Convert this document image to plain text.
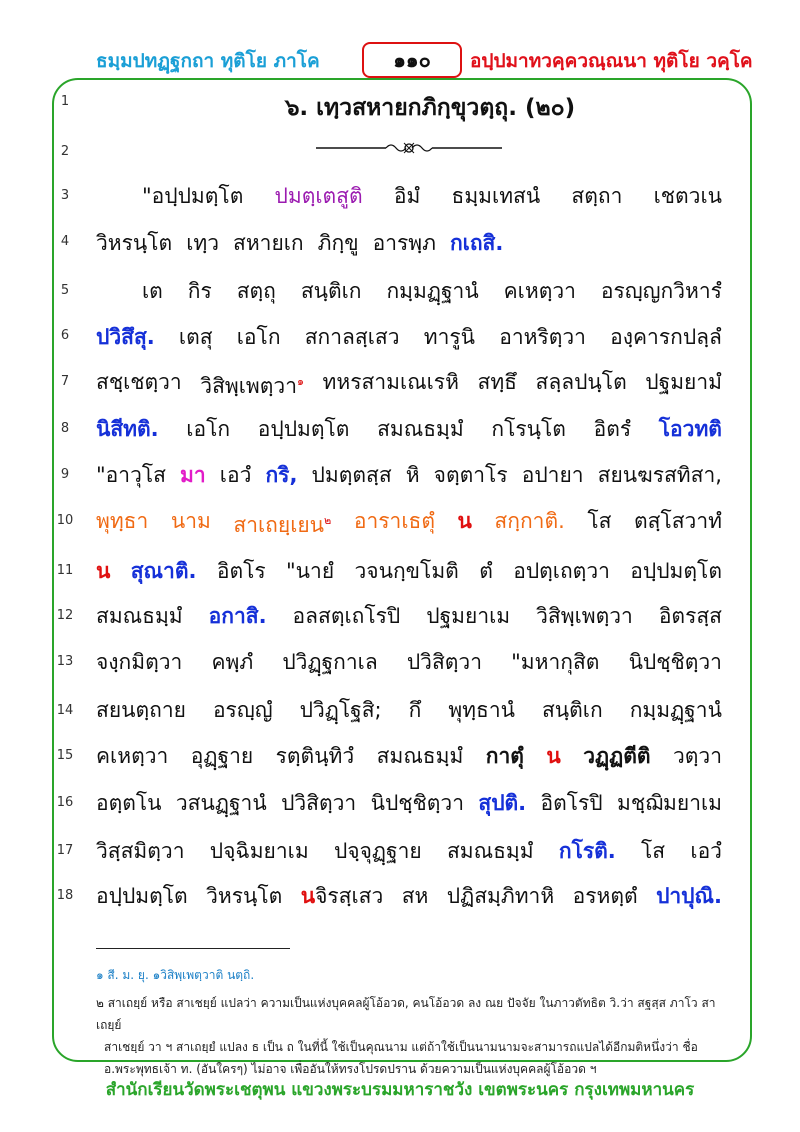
ธมฺมปทฏฺฐกถา ทุติโย ภาโค	๑๑๐	อปฺปมาทวคฺควณฺณนา ทุติโย วคฺโค
1
2
3
4
5
6
7
8
9
10
11
12
13
14
15
16
17
18
๖. เทฺวสหายกภิกฺขุวตฺถุ. (๒๐)
"อปฺปมตฺโต ปมตฺเตสูติ อิมํ ธมฺมเทสนํ สตฺถา เชตวเน
วิหรนฺโต เทฺว สหายเก ภิกฺขู อารพฺภ กเถสิ.
เต กิร สตฺถุ สนฺติเก กมฺมฏฺฐานํ คเหตฺวา อรญฺญกวิหารํ
ปวิสึสุ. เตสุ เอโก สกาลสฺเสว ทารูนิ อาหริตฺวา องฺคารกปลฺลํ
สชฺเชตฺวา วิสิพฺเพตฺวา$^๑$ ทหรสามเณเรหิ สทฺธึ สลฺลปนฺโต ปฐมยามํ
นิสีทติ. เอโก อปฺปมตฺโต สมณธมฺมํ กโรนฺโต อิตรํ โอวทติ
"อาวุโส มา เอวํ กริ, ปมตฺตสฺส หิ จตฺตาโร อปายา สยนฆรสทิสา,
พุทฺธา นาม สาเถยฺเยน$^๒$ อาราเธตุํ น สกฺกาติ. โส ตสฺโสวาทํ
น สุณาติ. อิตโร "นายํ วจนกฺขโมติ ตํ อปตฺเถตฺวา อปฺปมตฺโต
สมณธมฺมํ อกาสิ. อลสตฺเถโรปิ ปฐมยาเม วิสิพฺเพตฺวา อิตรสฺส
จงฺกมิตฺวา คพฺภํ ปวิฏฺฐกาเล ปวิสิตฺวา "มหากุสิต นิปชฺชิตฺวา
สยนตฺถาย อรญฺญํ ปวิฏฺโฐสิ; กึ พุทฺธานํ สนฺติเก กมฺมฏฺฐานํ
คเหตฺวา อุฏฺฐาย รตฺตินฺทิวํ สมณธมฺมํ กาตุํ น วฏฺฏตีติ วตฺวา
อตฺตโน วสนฏฺฐานํ ปวิสิตฺวา นิปชฺชิตฺวา สุปติ. อิตโรปิ มชฺฌิมยาเม
วิสฺสมิตฺวา ปจฺฉิมยาเม ปจฺจุฏฺฐาย สมณธมฺมํ กโรติ. โส เอวํ
อปฺปมตฺโต วิหรนฺโต นจิรสฺเสว สห ปฏิสมฺภิทาหิ อรหตฺตํ ปาปุณิ.
๑ สี. ม. ยุ. ๑วิสิพฺเพตฺวาติ นตฺถิ.
๒ สาเถยฺย์ หรือ สาเชยฺย์ แปลว่า ความเป็นแห่งบุคคลผู้โอ้อวด, คนโอ้อวด ลง ณย ปัจจัย ในภาวตัทธิต วิ.ว่า สฐสฺส ภาโว สาเถยฺย์
สาเชยฺย์ วา ฯ สาเถยฺยํ แปลง ธ เป็น ถ ในที่นี้ ใช้เป็นคุณนาม แต่ถ้าใช้เป็นนามนามจะสามารถแปลได้อีกมติหนึ่งว่า ชื่อ
อ.พระพุทธเจ้า ท. (อันใครๆ) ไม่อาจ เพื่ออันให้ทรงโปรดปราน ด้วยความเป็นแห่งบุคคลผู้โอ้อวด ฯ
สำนักเรียนวัดพระเชตุพน แขวงพระบรมมหาราชวัง เขตพระนคร กรุงเทพมหานคร
